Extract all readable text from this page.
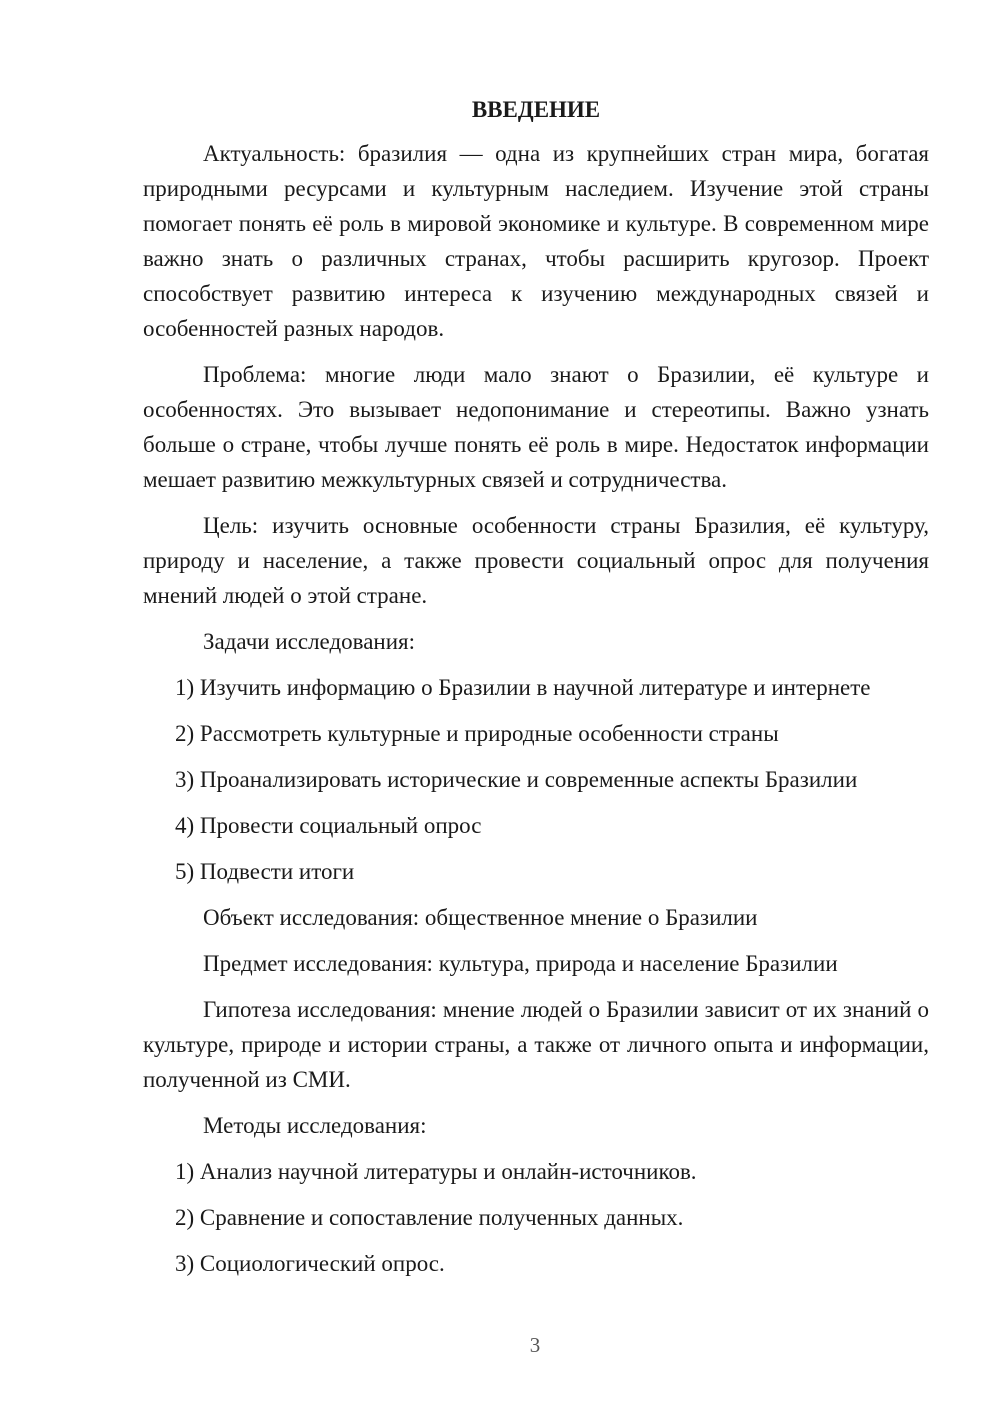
ВВЕДЕНИЕ
Актуальность: бразилия — одна из крупнейших стран мира, богатая природными ресурсами и культурным наследием. Изучение этой страны помогает понять её роль в мировой экономике и культуре. В современном мире важно знать о различных странах, чтобы расширить кругозор. Проект способствует развитию интереса к изучению международных связей и особенностей разных народов.
Проблема: многие люди мало знают о Бразилии, её культуре и особенностях. Это вызывает недопонимание и стереотипы. Важно узнать больше о стране, чтобы лучше понять её роль в мире. Недостаток информации мешает развитию межкультурных связей и сотрудничества.
Цель: изучить основные особенности страны Бразилия, её культуру, природу и население, а также провести социальный опрос для получения мнений людей о этой стране.
Задачи исследования:
1) Изучить информацию о Бразилии в научной литературе и интернете
2) Рассмотреть культурные и природные особенности страны
3) Проанализировать исторические и современные аспекты Бразилии
4) Провести социальный опрос
5) Подвести итоги
Объект исследования: общественное мнение о Бразилии
Предмет исследования: культура, природа и население Бразилии
Гипотеза исследования: мнение людей о Бразилии зависит от их знаний о культуре, природе и истории страны, а также от личного опыта и информации, полученной из СМИ.
Методы исследования:
1) Анализ научной литературы и онлайн-источников.
2) Сравнение и сопоставление полученных данных.
3) Социологический опрос.
3
